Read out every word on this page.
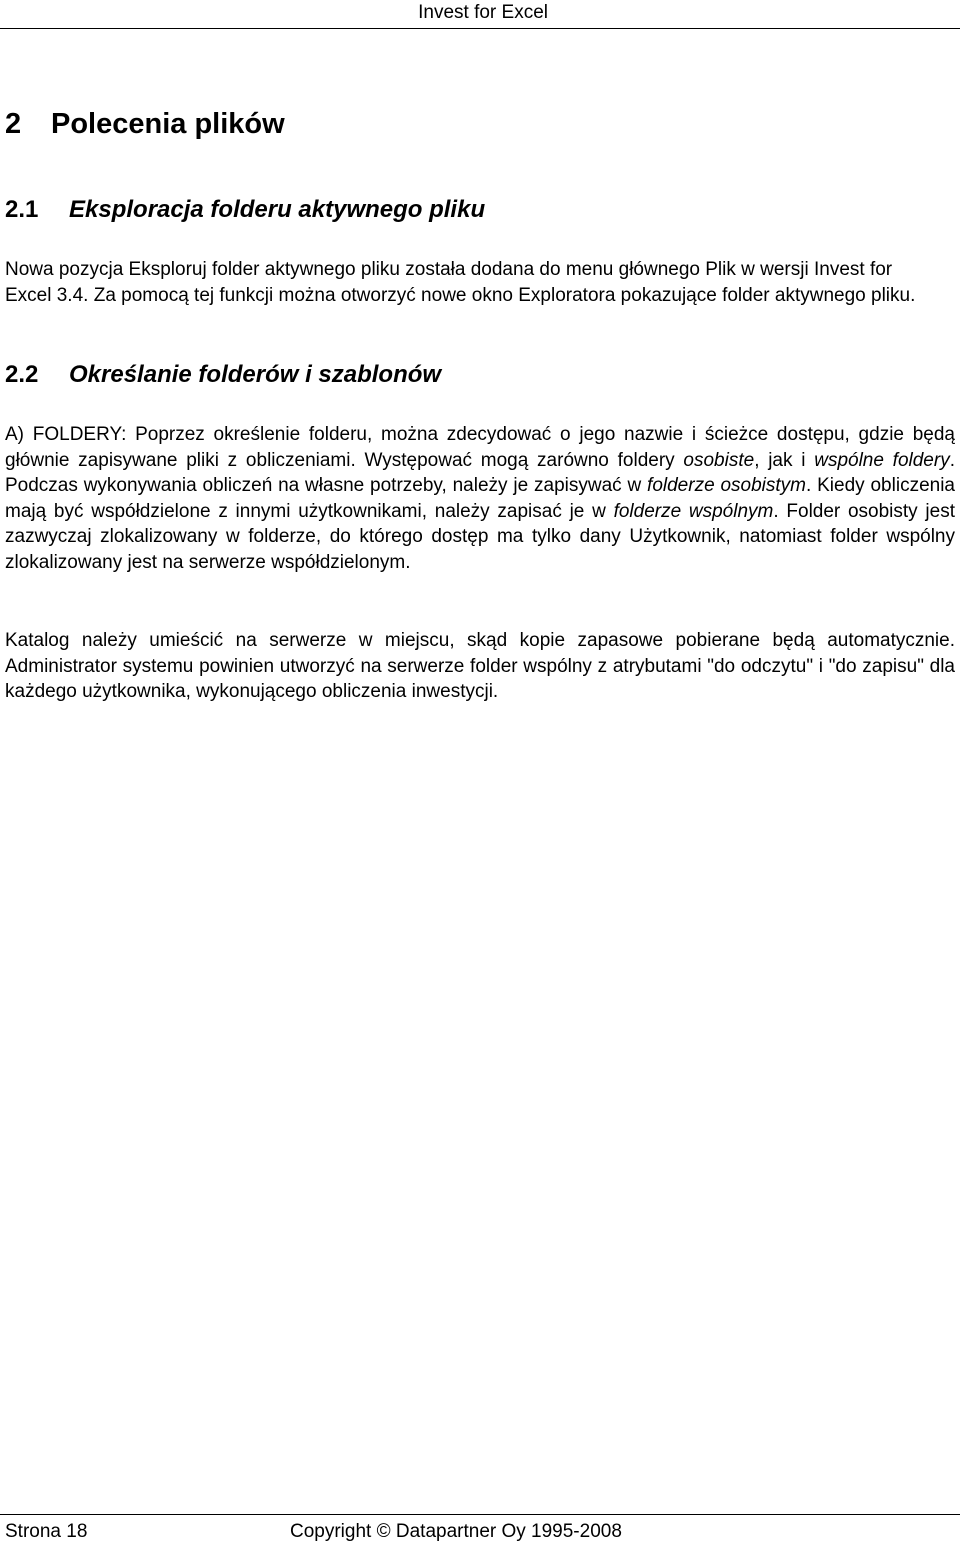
Invest for Excel
2 Polecenia plików
2.1 Eksploracja folderu aktywnego pliku

Nowa pozycja Eksploruj folder aktywnego pliku została dodana do menu głównego Plik w wersji Invest for Excel 3.4. Za pomocą tej funkcji można otworzyć nowe okno Exploratora pokazujące folder aktywnego pliku.

2.2 Określanie folderów i szablonów

A) FOLDERY: Poprzez określenie folderu, można zdecydować o jego nazwie i ścieżce dostępu, gdzie będą głównie zapisywane pliki z obliczeniami. Występować mogą zarówno foldery osobiste, jak i wspólne foldery. Podczas wykonywania obliczeń na własne potrzeby, należy je zapisywać w folderze osobistym. Kiedy obliczenia mają być współdzielone z innymi użytkownikami, należy zapisać je w folderze wspólnym. Folder osobisty jest zazwyczaj zlokalizowany w folderze, do którego dostęp ma tylko dany Użytkownik, natomiast folder wspólny zlokalizowany jest na serwerze współdzielonym.

Katalog należy umieścić na serwerze w miejscu, skąd kopie zapasowe pobierane będą automatycznie. Administrator systemu powinien utworzyć na serwerze folder wspólny z atrybutami "do odczytu" i "do zapisu" dla każdego użytkownika, wykonującego obliczenia inwestycji.

Strona 18	Copyright © Datapartner Oy 1995-2008
